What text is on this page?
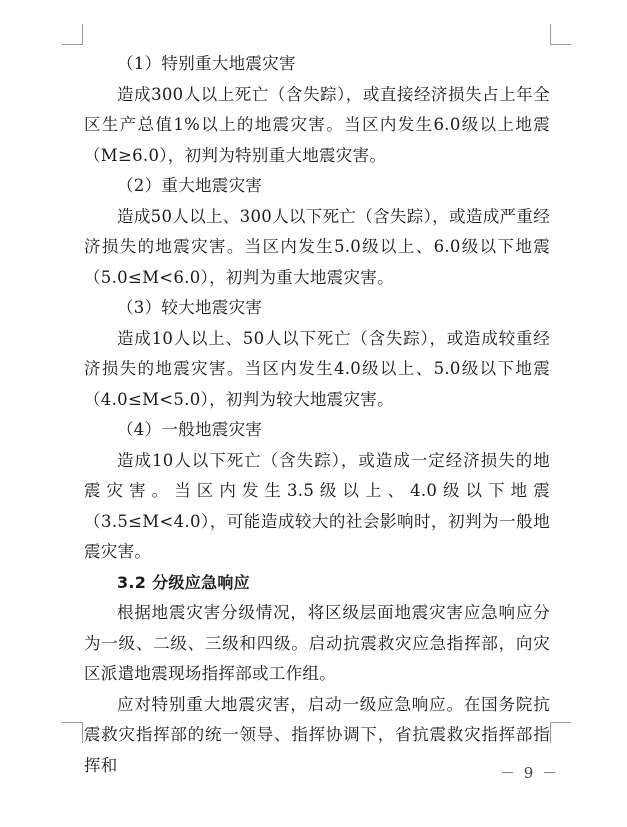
（1）特别重大地震灾害

造成300人以上死亡（含失踪），或直接经济损失占上年全区生产总值1%以上的地震灾害。当区内发生6.0级以上地震（M≥6.0），初判为特别重大地震灾害。

（2）重大地震灾害

造成50人以上、300人以下死亡（含失踪），或造成严重经济损失的地震灾害。当区内发生5.0级以上、6.0级以下地震（5.0≤M<6.0），初判为重大地震灾害。

（3）较大地震灾害

造成10人以上、50人以下死亡（含失踪），或造成较重经济损失的地震灾害。当区内发生4.0级以上、5.0级以下地震（4.0≤M<5.0），初判为较大地震灾害。

（4）一般地震灾害

造成10人以下死亡（含失踪），或造成一定经济损失的地震灾害。当区内发生3.5级以上、4.0级以下地震（3.5≤M<4.0），可能造成较大的社会影响时，初判为一般地震灾害。

3.2 分级应急响应

根据地震灾害分级情况，将区级层面地震灾害应急响应分为一级、二级、三级和四级。启动抗震救灾应急指挥部，向灾区派遣地震现场指挥部或工作组。

应对特别重大地震灾害，启动一级应急响应。在国务院抗震救灾指挥部的统一领导、指挥协调下，省抗震救灾指挥部指挥和	－ 9 －
